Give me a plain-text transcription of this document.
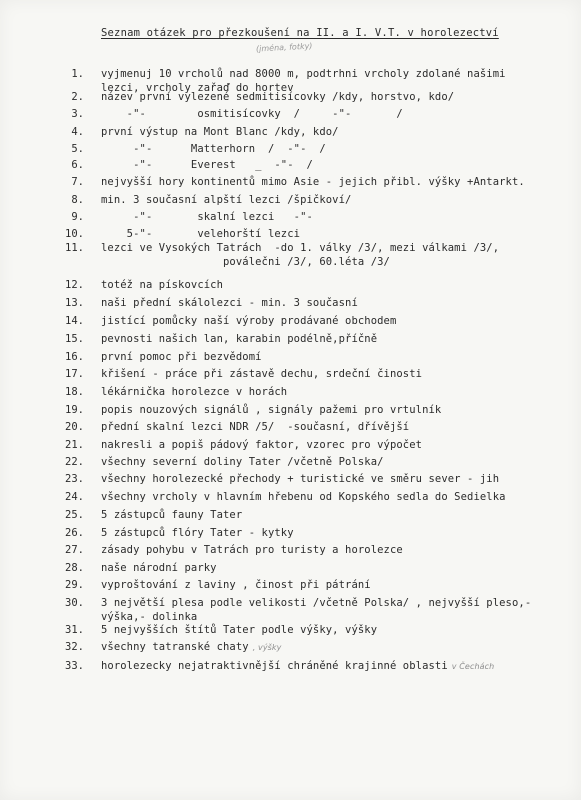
Seznam otázek pro přezkoušení na II. a I. V.T. v horolezectví
(jména, fotky)
1. vyjmenuj 10 vrcholů nad 8000 m, podtrhni vrcholy zdolané našimi
lezci, vrcholy zařaď do hortev
2. název první vylezené sedmitisícovky /kdy, horstvo, kdo/
3. -"-        osmitisícovky  /     -"-       /
4. první výstup na Mont Blanc /kdy, kdo/
5. -"-      Matterhorn  /  -"-  /
6. -"-      Everest   _  -"-  /
7. nejvyšší hory kontinentů mimo Asie - jejich přibl. výšky +Antarkt.
8. min. 3 současní alpští lezci /špičkoví/
9. -"-       skalní lezci   -"-
10. 5-"-       velehorští lezci
11. lezci ve Vysokých Tatrách  -do 1. války /3/, mezi válkami /3/,
poválečni /3/, 60.léta /3/
12. totéž na pískovcích
13. naši přední skálolezci - min. 3 současní
14. jistící pomůcky naší výroby prodávané obchodem
15. pevnosti našich lan, karabin podélně,příčně
16. první pomoc při bezvědomí
17. křišení - práce při zástavě dechu, srdeční činosti
18. lékárnička horolezce v horách
19. popis nouzových signálů , signály pažemi pro vrtulník
20. přední skalní lezci NDR /5/  -současní, dřívější
21. nakresli a popiš pádový faktor, vzorec pro výpočet
22. všechny severní doliny Tater /včetně Polska/
23. všechny horolezecké přechody + turistické ve směru sever - jih
24. všechny vrcholy v hlavním hřebenu od Kopského sedla do Sedielka
25. 5 zástupců fauny Tater
26. 5 zástupců flóry Tater - kytky
27. zásady pohybu v Tatrách pro turisty a horolezce
28. naše národní parky
29. vyproštování z laviny , činost při pátrání
30. 3 největší plesa podle velikosti /včetně Polska/ , nejvyšší pleso,-
výška,- dolinka
31. 5 nejvyšších štítů Tater podle výšky, výšky
32. všechny tatranské chaty , výšky
33. horolezecky nejatraktivnější chráněné krajinné oblasti v Čechách
